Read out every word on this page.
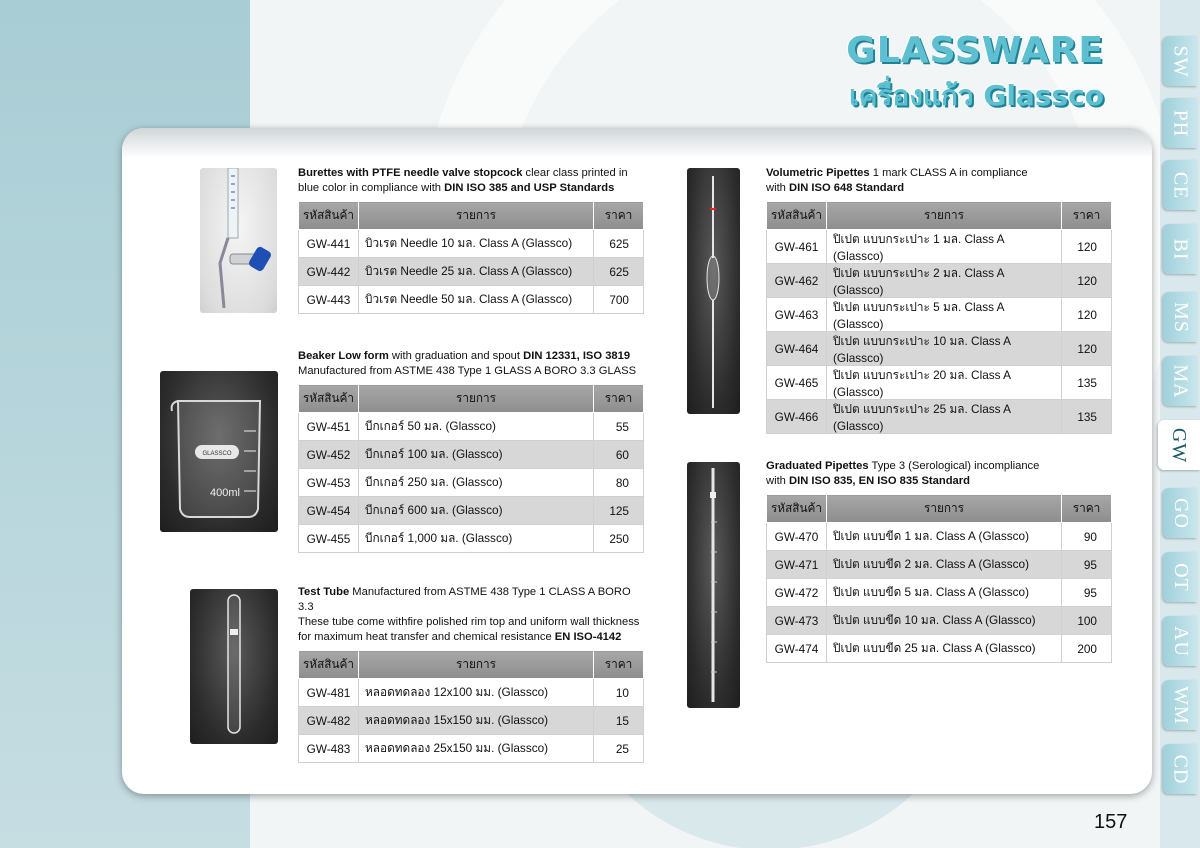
GLASSWARE
เครื่องแก้ว Glassco
GLASSCO
400ml
Burettes with PTFE needle valve stopcock clear class printed in
blue color in compliance with DIN ISO 385 and USP Standards
รหัสสินค้า	รายการ	ราคา
GW-441	บิวเรต Needle 10 มล. Class A (Glassco)	625
GW-442	บิวเรต Needle 25 มล. Class A (Glassco)	625
GW-443	บิวเรต Needle 50 มล. Class A (Glassco)	700
Beaker Low form with graduation and spout DIN 12331, ISO 3819
Manufactured from ASTME 438 Type 1 GLASS A BORO 3.3 GLASS
รหัสสินค้า	รายการ	ราคา
GW-451	บีกเกอร์ 50 มล. (Glassco)	55
GW-452	บีกเกอร์ 100 มล. (Glassco)	60
GW-453	บีกเกอร์ 250 มล. (Glassco)	80
GW-454	บีกเกอร์ 600 มล. (Glassco)	125
GW-455	บีกเกอร์ 1,000 มล. (Glassco)	250
Test Tube Manufactured from ASTME 438 Type 1 CLASS A BORO 3.3
These tube come withfire polished rim top and uniform wall thickness
for maximum heat transfer and chemical resistance EN ISO-4142
รหัสสินค้า	รายการ	ราคา
GW-481	หลอดทดลอง 12x100 มม. (Glassco)	10
GW-482	หลอดทดลอง 15x150 มม. (Glassco)	15
GW-483	หลอดทดลอง 25x150 มม. (Glassco)	25
Volumetric Pipettes 1 mark CLASS A in compliance
with DIN ISO 648 Standard
รหัสสินค้า	รายการ	ราคา
GW-461	ปิเปต แบบกระเปาะ 1 มล. Class A (Glassco)	120
GW-462	ปิเปต แบบกระเปาะ 2 มล. Class A (Glassco)	120
GW-463	ปิเปต แบบกระเปาะ 5 มล. Class A (Glassco)	120
GW-464	ปิเปต แบบกระเปาะ 10 มล. Class A (Glassco)	120
GW-465	ปิเปต แบบกระเปาะ 20 มล. Class A (Glassco)	135
GW-466	ปิเปต แบบกระเปาะ 25 มล. Class A (Glassco)	135
Graduated Pipettes Type 3 (Serological) incompliance
with DIN ISO 835, EN ISO 835 Standard
รหัสสินค้า	รายการ	ราคา
GW-470	ปิเปต แบบขีด 1 มล. Class A (Glassco)	90
GW-471	ปิเปต แบบขีด 2 มล. Class A (Glassco)	95
GW-472	ปิเปต แบบขีด 5 มล. Class A (Glassco)	95
GW-473	ปิเปต แบบขีด 10 มล. Class A (Glassco)	100
GW-474	ปิเปต แบบขีด 25 มล. Class A (Glassco)	200
SW
PH
CE
BI
MS
MA
GW
GO
OT
AU
WM
CD
157
